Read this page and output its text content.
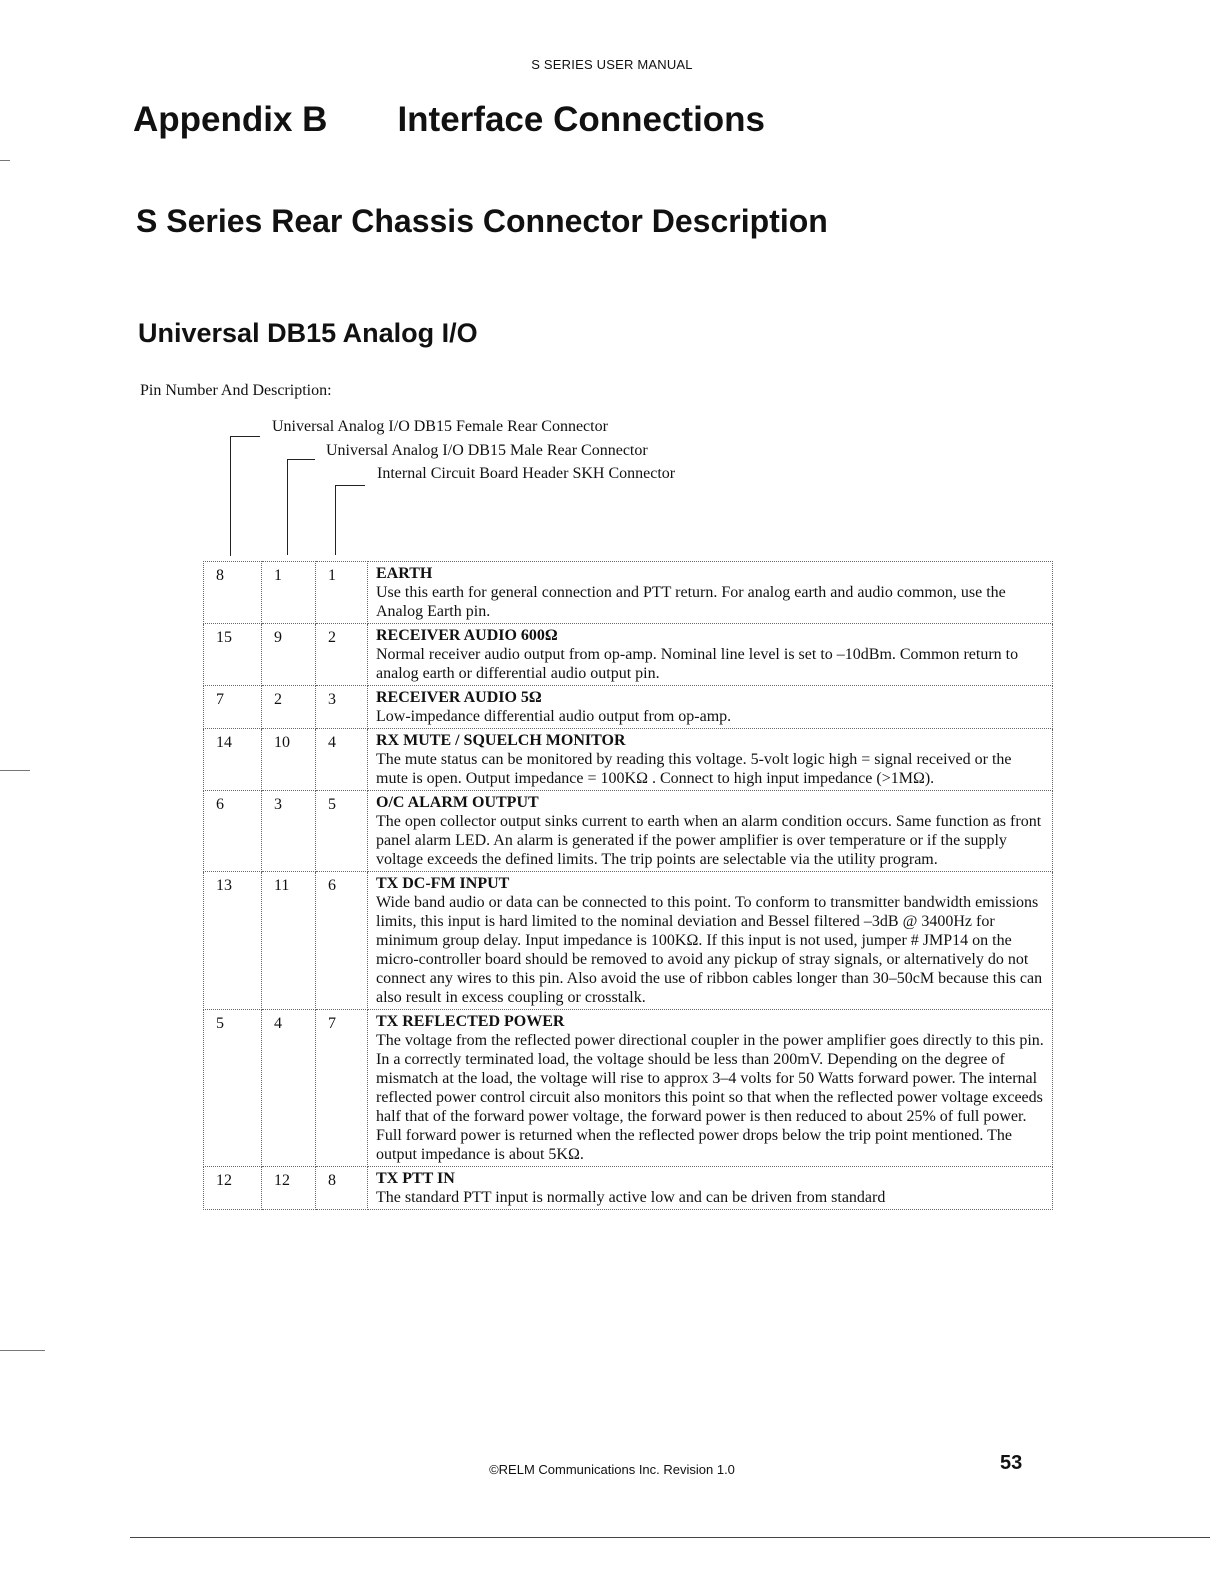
S SERIES USER MANUAL
Appendix B Interface Connections
S Series Rear Chassis Connector Description
Universal DB15 Analog I/O
Pin Number And Description:
Universal Analog I/O DB15 Female Rear Connector
Universal Analog I/O DB15 Male Rear Connector
Internal Circuit Board Header SKH Connector
8	1	1	EARTH
Use this earth for general connection and PTT return. For analog earth and audio common, use the Analog Earth pin.

15	9	2	RECEIVER AUDIO 600Ω
Normal receiver audio output from op-amp. Nominal line level is set to –10dBm. Common return to analog earth or differential audio output pin.

7	2	3	RECEIVER AUDIO 5Ω
Low-impedance differential audio output from op-amp.

14	10	4	RX MUTE / SQUELCH MONITOR
The mute status can be monitored by reading this voltage. 5-volt logic high = signal received or the mute is open. Output impedance = 100KΩ . Connect to high input impedance (>1MΩ).

6	3	5	O/C ALARM OUTPUT
The open collector output sinks current to earth when an alarm condition occurs. Same function as front panel alarm LED. An alarm is generated if the power amplifier is over temperature or if the supply voltage exceeds the defined limits. The trip points are selectable via the utility program.

13	11	6	TX DC-FM INPUT
Wide band audio or data can be connected to this point. To conform to transmitter bandwidth emissions limits, this input is hard limited to the nominal deviation and Bessel filtered –3dB @ 3400Hz for minimum group delay. Input impedance is 100KΩ. If this input is not used, jumper # JMP14 on the micro-controller board should be removed to avoid any pickup of stray signals, or alternatively do not connect any wires to this pin. Also avoid the use of ribbon cables longer than 30–50cM because this can also result in excess coupling or crosstalk.

5	4	7	TX REFLECTED POWER
The voltage from the reflected power directional coupler in the power amplifier goes directly to this pin. In a correctly terminated load, the voltage should be less than 200mV. Depending on the degree of mismatch at the load, the voltage will rise to approx 3–4 volts for 50 Watts forward power. The internal reflected power control circuit also monitors this point so that when the reflected power voltage exceeds half that of the forward power voltage, the forward power is then reduced to about 25% of full power. Full forward power is returned when the reflected power drops below the trip point mentioned. The output impedance is about 5KΩ.

12	12	8	TX PTT IN
The standard PTT input is normally active low and can be driven from standard
©RELM Communications Inc. Revision 1.0	53
